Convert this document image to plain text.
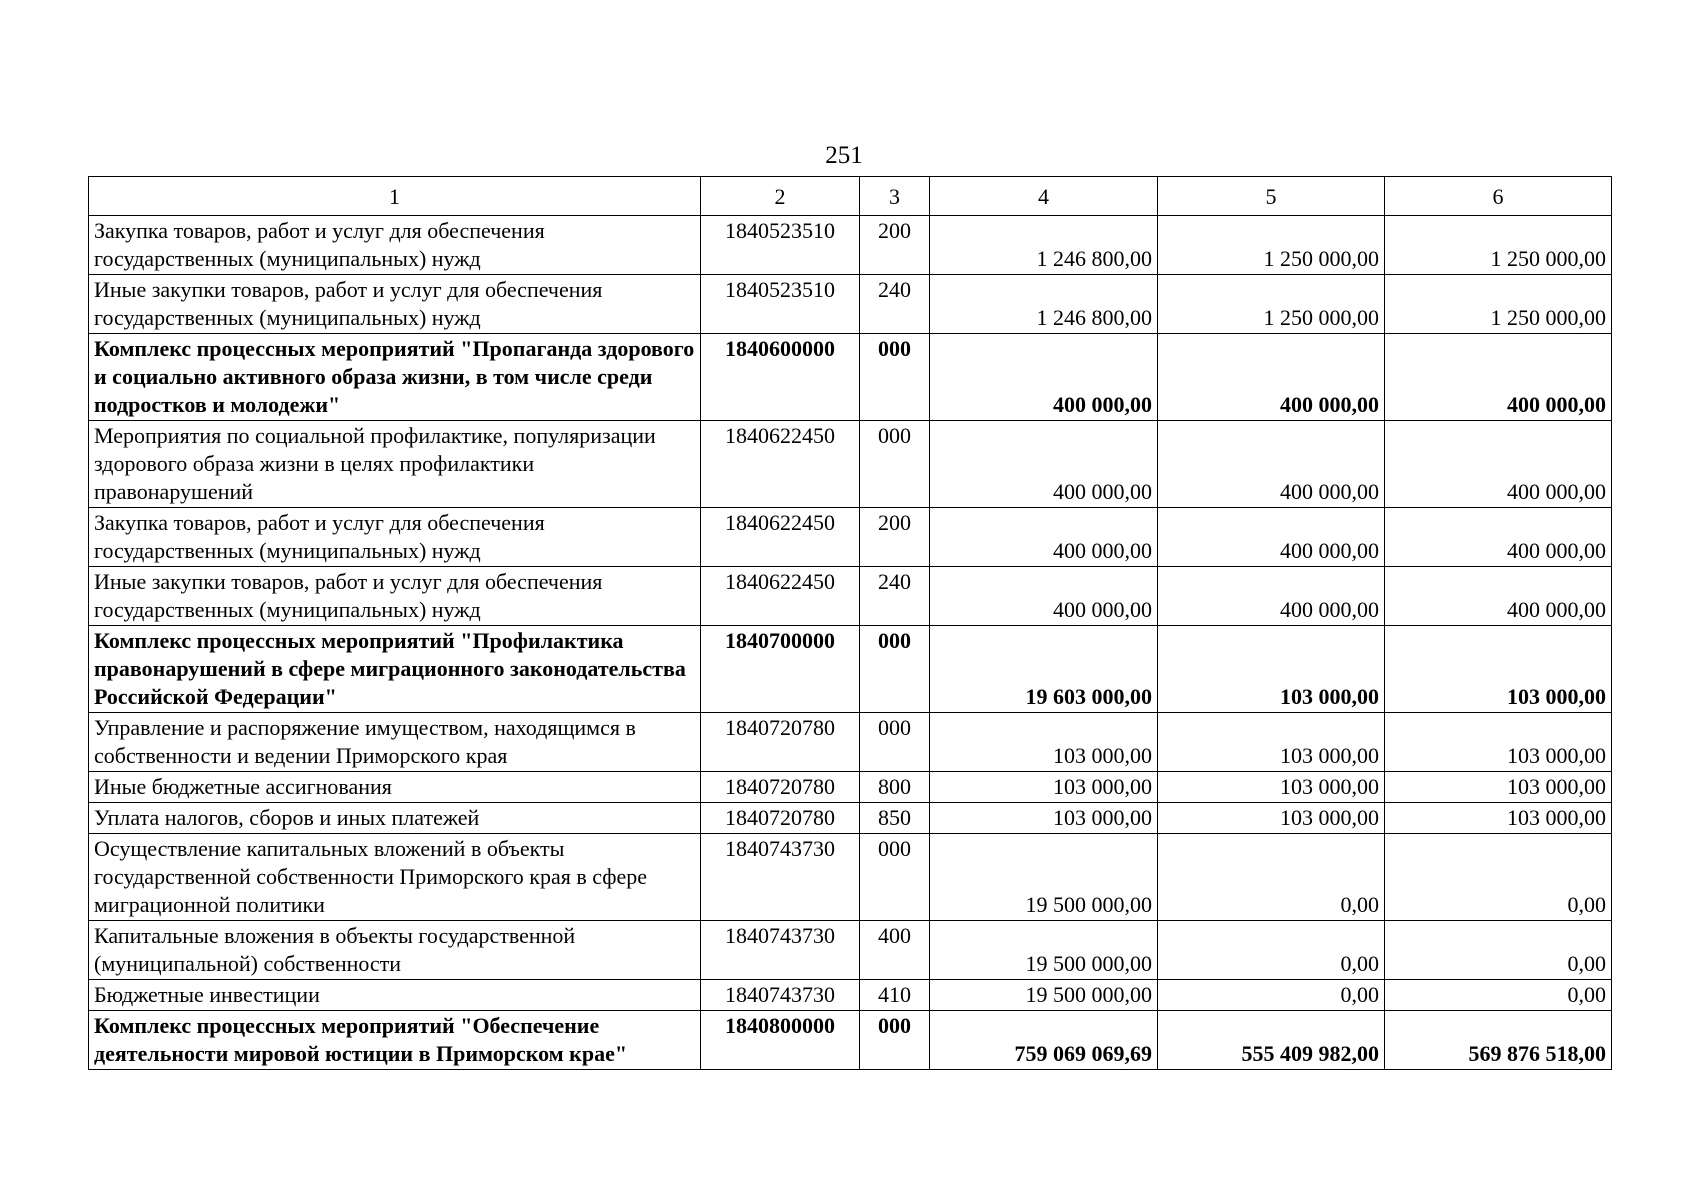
251
1	2	3	4	5	6
Закупка товаров, работ и услуг для обеспечения государственных (муниципальных) нужд	1840523510	200	1 246 800,00	1 250 000,00	1 250 000,00
Иные закупки товаров, работ и услуг для обеспечения государственных (муниципальных) нужд	1840523510	240	1 246 800,00	1 250 000,00	1 250 000,00
Комплекс процессных мероприятий "Пропаганда здорового и социально активного образа жизни, в том числе среди подростков и молодежи"	1840600000	000	400 000,00	400 000,00	400 000,00
Мероприятия по социальной профилактике, популяризации здорового образа жизни в целях профилактики правонарушений	1840622450	000	400 000,00	400 000,00	400 000,00
Закупка товаров, работ и услуг для обеспечения государственных (муниципальных) нужд	1840622450	200	400 000,00	400 000,00	400 000,00
Иные закупки товаров, работ и услуг для обеспечения государственных (муниципальных) нужд	1840622450	240	400 000,00	400 000,00	400 000,00
Комплекс процессных мероприятий "Профилактика правонарушений в сфере миграционного законодательства Российской Федерации"	1840700000	000	19 603 000,00	103 000,00	103 000,00
Управление и распоряжение имуществом, находящимся в собственности и ведении Приморского края	1840720780	000	103 000,00	103 000,00	103 000,00
Иные бюджетные ассигнования	1840720780	800	103 000,00	103 000,00	103 000,00
Уплата налогов, сборов и иных платежей	1840720780	850	103 000,00	103 000,00	103 000,00
Осуществление капитальных вложений в объекты государственной собственности Приморского края в сфере миграционной политики	1840743730	000	19 500 000,00	0,00	0,00
Капитальные вложения в объекты государственной (муниципальной) собственности	1840743730	400	19 500 000,00	0,00	0,00
Бюджетные инвестиции	1840743730	410	19 500 000,00	0,00	0,00
Комплекс процессных мероприятий "Обеспечение деятельности мировой юстиции в Приморском крае"	1840800000	000	759 069 069,69	555 409 982,00	569 876 518,00
